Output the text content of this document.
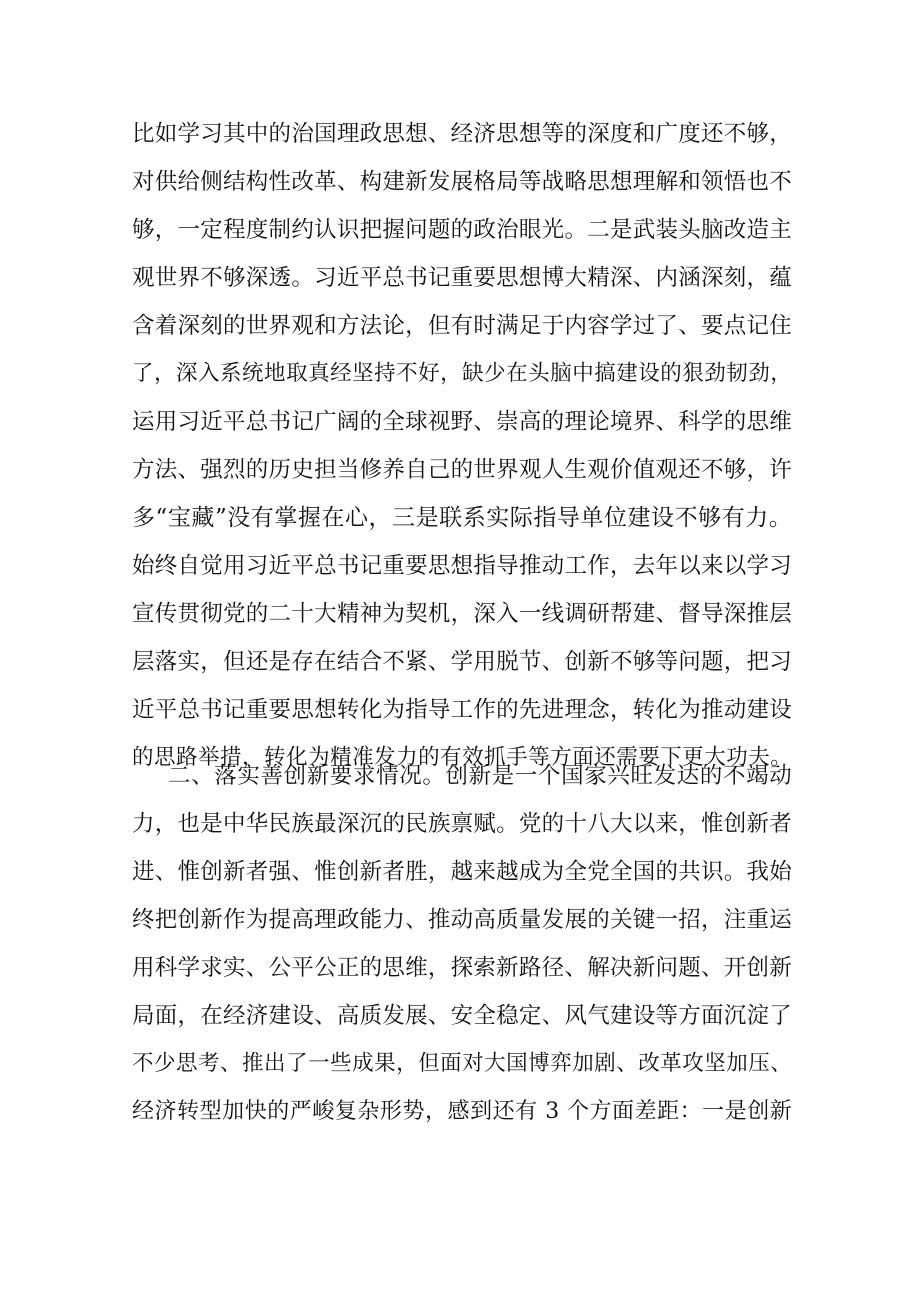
比如学习其中的治国理政思想、经济思想等的深度和广度还不够，
对供给侧结构性改革、构建新发展格局等战略思想理解和领悟也不
够，一定程度制约认识把握问题的政治眼光。二是武装头脑改造主
观世界不够深透。习近平总书记重要思想博大精深、内涵深刻，蕴
含着深刻的世界观和方法论，但有时满足于内容学过了、要点记住
了，深入系统地取真经坚持不好，缺少在头脑中搞建设的狠劲韧劲，
运用习近平总书记广阔的全球视野、崇高的理论境界、科学的思维
方法、强烈的历史担当修养自己的世界观人生观价值观还不够，许
多“宝藏”没有掌握在心，三是联系实际指导单位建设不够有力。
始终自觉用习近平总书记重要思想指导推动工作，去年以来以学习
宣传贯彻党的二十大精神为契机，深入一线调研帮建、督导深推层
层落实，但还是存在结合不紧、学用脱节、创新不够等问题，把习
近平总书记重要思想转化为指导工作的先进理念，转化为推动建设
的思路举措，转化为精准发力的有效抓手等方面还需要下更大功夫。
二、落实善创新要求情况。创新是一个国家兴旺发达的不竭动
力，也是中华民族最深沉的民族禀赋。党的十八大以来，惟创新者
进、惟创新者强、惟创新者胜，越来越成为全党全国的共识。我始
终把创新作为提高理政能力、推动高质量发展的关键一招，注重运
用科学求实、公平公正的思维，探索新路径、解决新问题、开创新
局面，在经济建设、高质发展、安全稳定、风气建设等方面沉淀了
不少思考、推出了一些成果，但面对大国博弈加剧、改革攻坚加压、
经济转型加快的严峻复杂形势，感到还有 3 个方面差距：一是创新
